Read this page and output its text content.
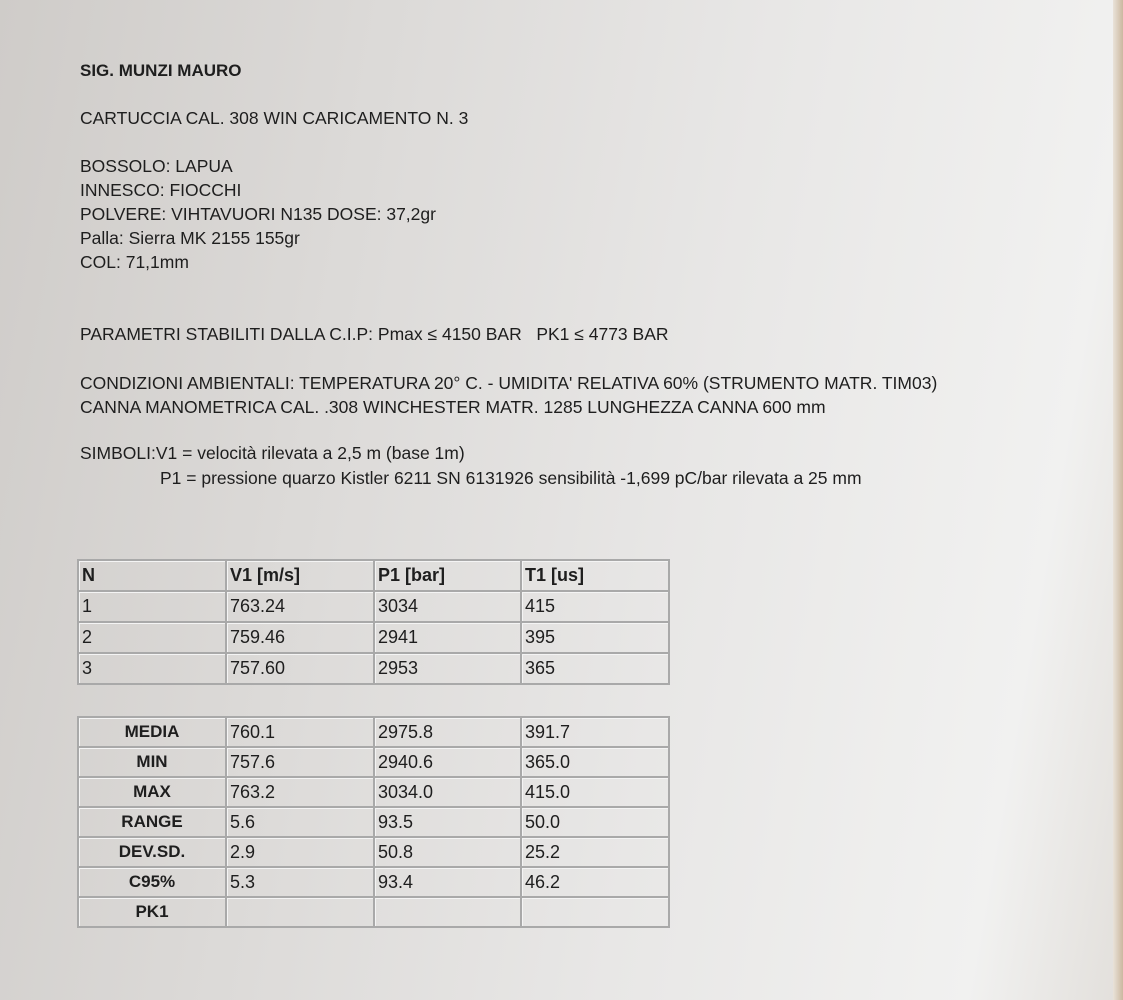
SIG. MUNZI MAURO
CARTUCCIA CAL. 308 WIN CARICAMENTO N. 3
BOSSOLO: LAPUA
INNESCO: FIOCCHI
POLVERE: VIHTAVUORI N135 DOSE: 37,2gr
Palla: Sierra MK 2155 155gr
COL: 71,1mm
PARAMETRI STABILITI DALLA C.I.P: Pmax ≤ 4150 BAR   PK1 ≤ 4773 BAR
CONDIZIONI AMBIENTALI: TEMPERATURA 20° C. - UMIDITA' RELATIVA 60% (STRUMENTO MATR. TIM03)
CANNA MANOMETRICA CAL. .308 WINCHESTER MATR. 1285 LUNGHEZZA CANNA 600 mm
SIMBOLI:V1 = velocità rilevata a 2,5 m (base 1m)
P1 = pressione quarzo Kistler 6211 SN 6131926 sensibilità -1,699 pC/bar rilevata a 25 mm
N	V1 [m/s]	P1 [bar]	T1 [us]
1	763.24	3034	415
2	759.46	2941	395
3	757.60	2953	365
MEDIA	760.1	2975.8	391.7
MIN	757.6	2940.6	365.0
MAX	763.2	3034.0	415.0
RANGE	5.6	93.5	50.0
DEV.SD.	2.9	50.8	25.2
C95%	5.3	93.4	46.2
PK1			
